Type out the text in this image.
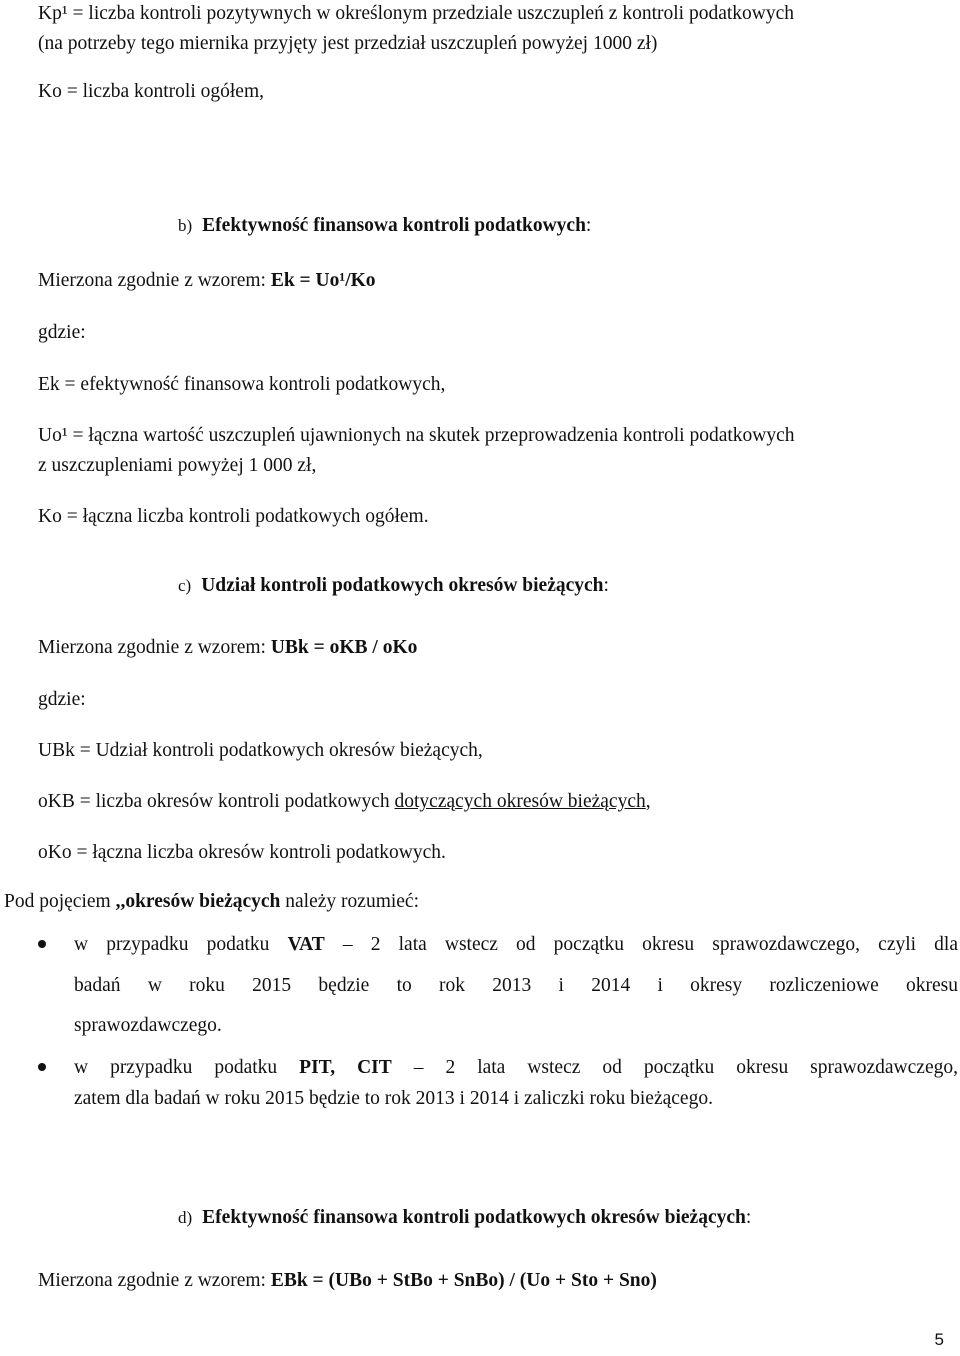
Kp¹ = liczba kontroli pozytywnych w określonym przedziale uszczupleń z kontroli podatkowych
(na potrzeby tego miernika przyjęty jest przedział uszczupleń powyżej 1000 zł)
Ko = liczba kontroli ogółem,
b) Efektywność finansowa kontroli podatkowych:
Mierzona zgodnie z wzorem: Ek = Uo¹/Ko
gdzie:
Ek = efektywność finansowa kontroli podatkowych,
Uo¹ = łączna wartość uszczupleń ujawnionych na skutek przeprowadzenia kontroli podatkowych
z uszczupleniami powyżej 1 000 zł,
Ko = łączna liczba kontroli podatkowych ogółem.
c) Udział kontroli podatkowych okresów bieżących:
Mierzona zgodnie z wzorem: UBk = oKB / oKo
gdzie:
UBk = Udział kontroli podatkowych okresów bieżących,
oKB = liczba okresów kontroli podatkowych dotyczących okresów bieżących,
oKo = łączna liczba okresów kontroli podatkowych.
Pod pojęciem ,,okresów bieżących należy rozumieć:
w przypadku podatku VAT – 2 lata wstecz od początku okresu sprawozdawczego, czyli dla
badań w roku 2015 będzie to rok 2013 i 2014 i okresy rozliczeniowe okresu
sprawozdawczego.
w przypadku podatku PIT, CIT – 2 lata wstecz od początku okresu sprawozdawczego,
zatem dla badań w roku 2015 będzie to rok 2013 i 2014 i zaliczki roku bieżącego.
d) Efektywność finansowa kontroli podatkowych okresów bieżących:
Mierzona zgodnie z wzorem: EBk = (UBo + StBo + SnBo) / (Uo + Sto + Sno)
5
